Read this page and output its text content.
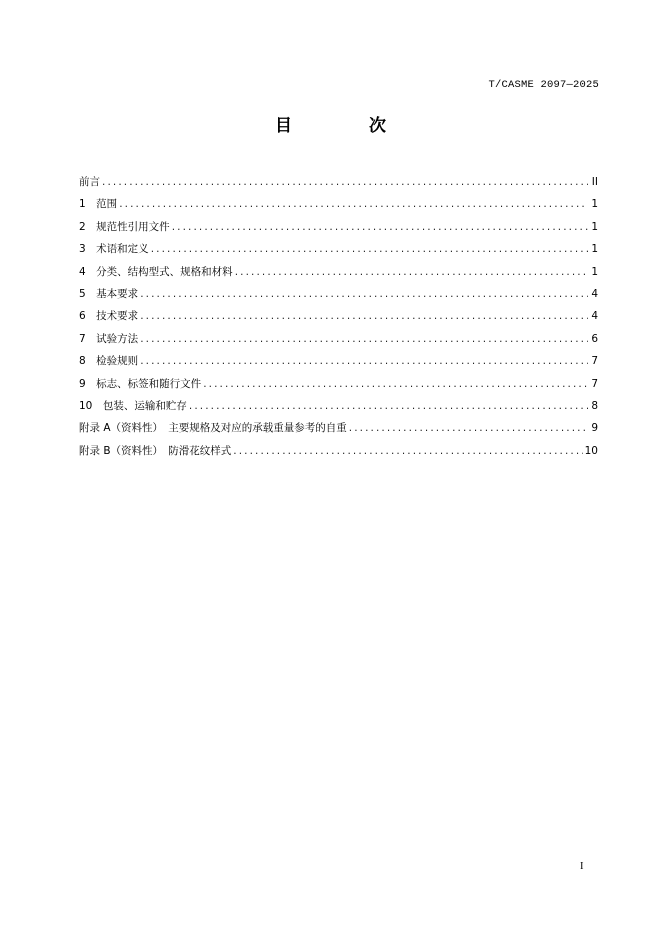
T/CASME 2097—2025
目　次
前言 .....	II
1　范围 .....	1
2　规范性引用文件 .....	1
3　术语和定义 .....	1
4　分类、结构型式、规格和材料 .....	1
5　基本要求 .....	4
6　技术要求 .....	4
7　试验方法 .....	6
8　检验规则 .....	7
9　标志、标签和随行文件 .....	7
10　包装、运输和贮存 .....	8
附录 A（资料性）　主要规格及对应的承载重量参考的自重 .....	9
附录 B（资料性）　防滑花纹样式 .....	10
I
